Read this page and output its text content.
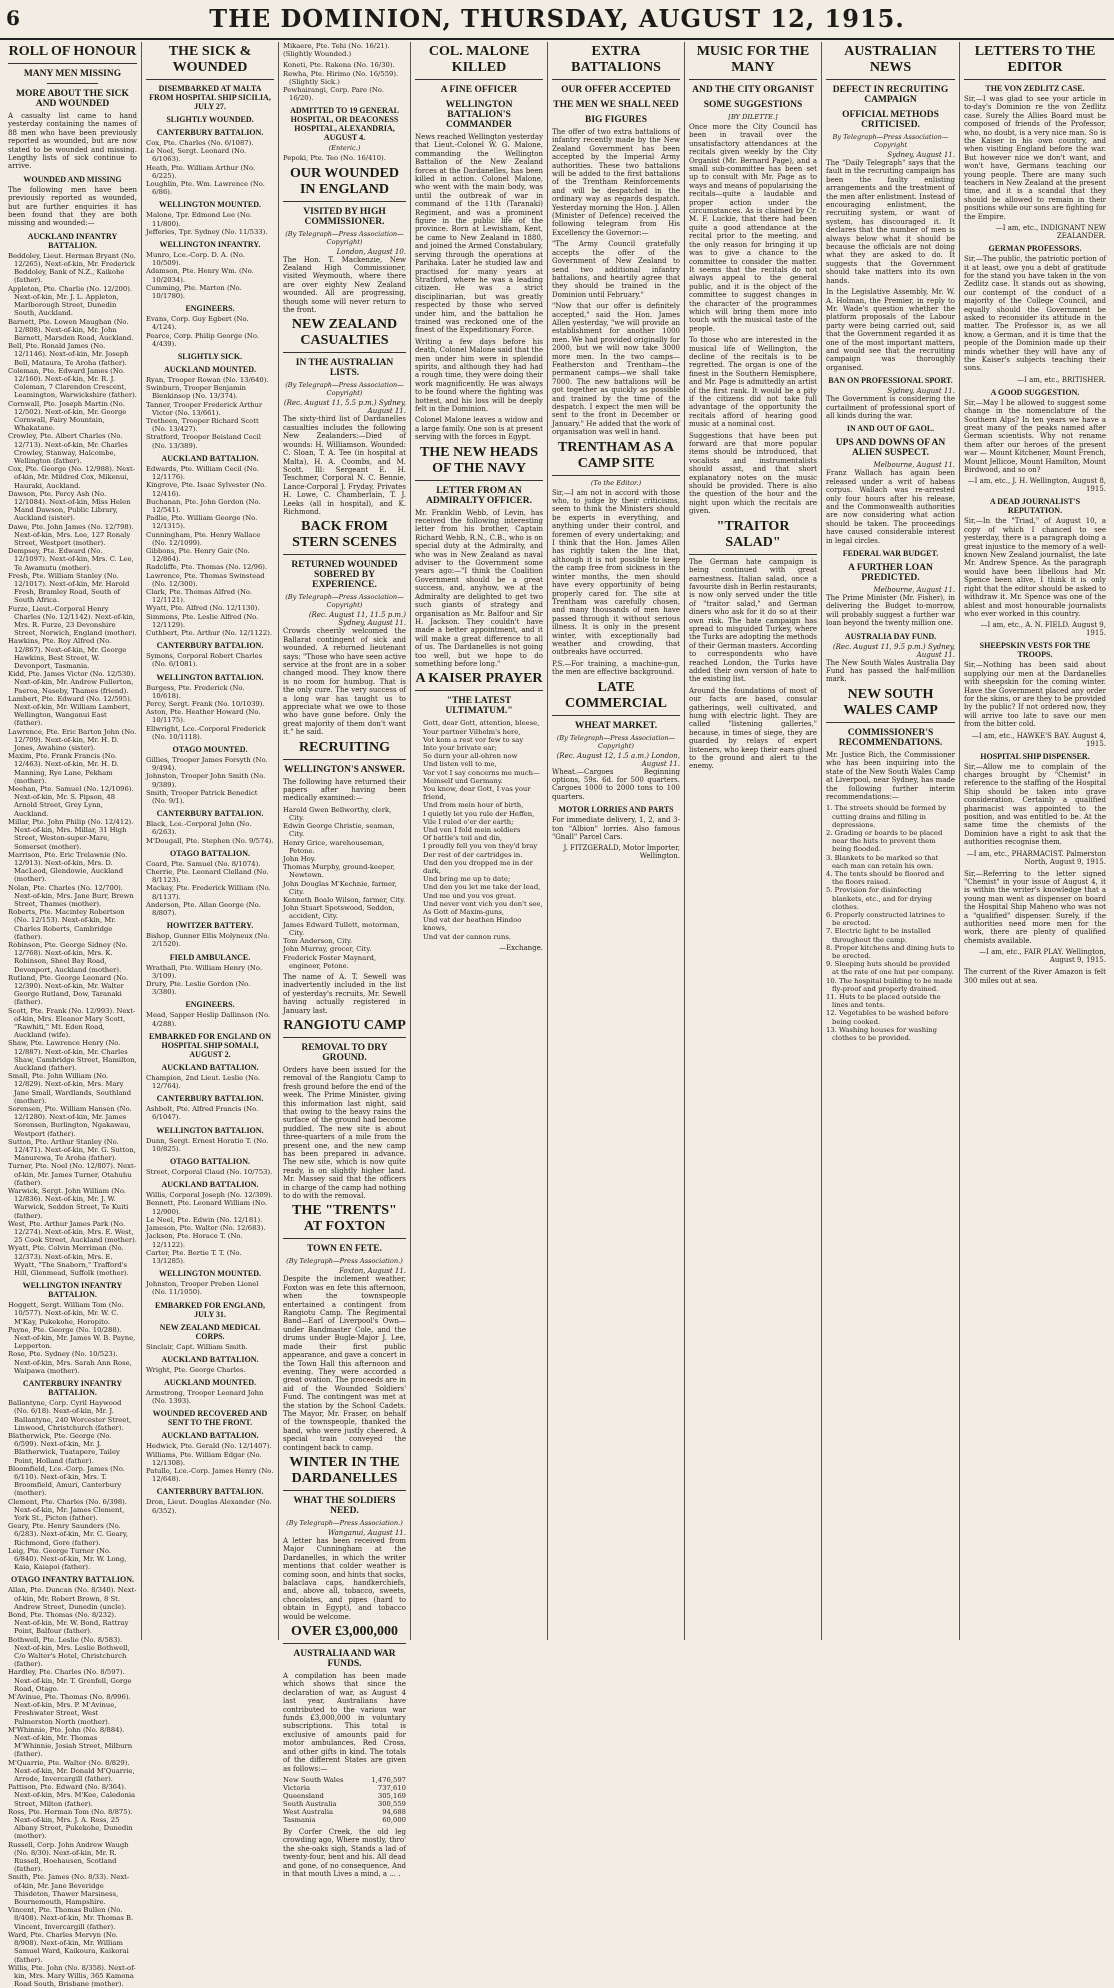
6	THE DOMINION, THURSDAY, AUGUST 12, 1915.
ROLL OF HONOUR
MANY MEN MISSING
MORE ABOUT THE SICK AND WOUNDED
A casualty list came to hand yesterday containing the names of 88 men who have been previously reported as wounded, but are now stated to be wounded and missing. Lengthy lists of sick continue to arrive.
WOUNDED AND MISSING
The following men have been previously reported as wounded, but are further enquiries it has been found that they are both missing and wounded:—
AUCKLAND INFANTRY BATTALION.
Beddoley, Lieut. Herman Bryant (No. 12/265), Next-of-kin, Mr. Frederick Beddoley, Bank of N.Z., Kaikohe (father).
Appleton, Pte. Charlie (No. 12/200). Next-of-kin, Mr. J. L. Appleton, Marlborough Street, Dunedin South, Auckland.
Barnett, Pte. Lowen Maughan (No. 12/808). Next-of-kin, Mr. John Barnett, Marsden Road, Auckland.
Bell, Pte. Ronald James (No. 12/1146). Next-of-kin, Mr. Joseph Bell, Mataura, Te Aroha (father).
Coleman, Pte. Edward James (No. 12/160). Next-of-kin, Mr. R. J. Coleman, 7 Clarendon Crescent, Leamington, Warwickshire (father).
Cornwall, Pte. Joseph Martin (No. 12/502). Next-of-kin, Mr. George Cornwall, Fairy Mountain, Whakatane.
Crowley, Pte. Albert Charles (No. 12/713). Next-of-kin, Mr. Charles Crowley, Stanway, Halcombe, Wellington (father).
Cox, Pte. George (No. 12/988). Next-of-kin, Mr. Mildred Cox, Mikenui, Hauraki, Auckland.
Dawson, Pte. Percy Ash (No. 12/1084). Next-of-kin, Miss Helen Mand Dawson, Public Library, Auckland (sister).
Dawe, Pte. John James (No. 12/798). Next-of-kin, Mrs. Lee, 127 Ronaly Street, Westport (mother).
Dempsey, Pte. Edward (No. 12/1097). Next-of-kin, Mrs. C. Lee, Te Awamutu (mother).
Fresh, Pte. William Stanley (No. 12/1017). Next-of-kin, Mr. Harold Fresh, Bramley Road, South of South Africa.
Furze, Lieut.-Corporal Henry Charles (No. 12/1142). Next-of-kin, Mrs. R. Furze, 23 Devonshire Street, Norwich, England (mother).
Hawkins, Pte. Roy Alfred (No. 12/867). Next-of-kin, Mr. George Hawkins, Best Street, W. Devonport, Tasmania.
Kidd, Pte. James Victor (No. 12/530). Next-of-kin, Mr. Andrew Fullerton, Paeroa, Naseby, Thames (friend).
Lambert, Pte. Edward (No. 12/595). Next-of-kin, Mr. William Lambert, Wellington, Wanganui East (father).
Lawrence, Pte. Eric Barton John (No. 12/709). Next-of-kin, Mr. H. D. Jones, Awahino (sister).
Maxim, Pte. Frank Francis (No. 12/463). Next-of-kin, Mr. H. D. Manning, Rye Lane, Pekham (mother).
Meehan, Pte. Samuel (No. 12/1096). Next-of-kin, Mr. S. Pipson, 48 Arnold Street, Grey Lynn, Auckland.
Millar, Pte. John Philip (No. 12/412). Next-of-kin, Mrs. Millar, 31 High Street, Weston-super-Mare, Somerset (mother).
Marrison, Pte. Eric Trelawnie (No. 12/913). Next-of-kin, Mrs. D. MacLeod, Glendowie, Auckland (mother).
Nolan, Pte. Charles (No. 12/700). Next-of-kin, Mrs. Jane Burr, Brewn Street, Thames (mother).
Roberts, Pte. Macintey Robertson (No. 12/153). Next-of-kin, Mr. Charles Roberts, Cambridge (father).
Robinson, Pte. George Sidney (No. 12/768). Next-of-kin, Mrs. K. Robinson, Sheel Bay Road, Devonport, Auckland (mother).
Rutland, Pte. George Leonard (No. 12/390). Next-of-kin, Mr. Walter George Rutland, Dow, Taranaki (father).
Scott, Pte. Frank (No. 12/993). Next-of-kin, Mrs. Eleanor Mary Scott, "Rawhiti," Mt. Eden Road, Auckland (wife).
Shaw, Pte. Lawrence Henry (No. 12/887). Next-of-kin, Mr. Charles Shaw, Cambridge Street, Hamilton, Auckland (father).
Small, Pte. John William (No. 12/829). Next-of-kin, Mrs. Mary Jane Small, Wardlands, Southland (mother).
Sorensen, Pte. William Hansen (No. 12/1280). Next-of-kin, Mr. James Sorensen, Burlington, Ngakawau, Westport (father).
Sutton, Pte. Arthur Stanley (No. 12/471). Next-of-kin, Mr. G. Sutton, Manurewa, Te Aroha (father).
Turner, Pte. Noel (No. 12/807). Next-of-kin, Mr. James Turner, Otahuhu (father).
Warwick, Sergt. John William (No. 12/836). Next-of-kin, Mr. J. W. Warwick, Seddon Street, Te Kuiti (father).
West, Pte. Arthur James Park (No. 12/274). Next-of-kin, Mrs. E. West, 25 Cook Street, Auckland (mother).
Wyatt, Pte. Colvin Merriman (No. 12/373). Next-of-kin, Mrs. E. Wyatt, "The Snaborn," Trafford's Hill, Glenmead, Suffolk (mother).
WELLINGTON INFANTRY BATTALION.
Hoggett, Sergt. William Tom (No. 10/577). Next-of-kin, Mr. W. C. M'Kay, Pukekohe, Horopito.
Payne, Pte. George (No. 10/288). Next-of-kin, Mr. James W. B. Payne, Lepperton.
Rose, Pte. Sydney (No. 10/523). Next-of-kin, Mrs. Sarah Ann Rose, Waipawa (mother).
CANTERBURY INFANTRY BATTALION.
Ballantyne, Corp. Cyril Haywood (No. 6/18). Next-of-kin, Mr. J. Ballantyne, 240 Worcester Street, Linwood, Christchurch (father).
Blatherwick, Pte. George (No. 6/599). Next-of-kin, Mr. J. Blatherwick, Tuatapere, Tailey Point, Holland (father).
Bloomfield, Lce.-Corp. James (No. 6/110). Next-of-kin, Mrs. T. Broomfield, Amuri, Canterbury (mother).
Clement, Pte. Charles (No. 6/398). Next-of-kin, Mr. James Clement, York St., Picton (father).
Geary, Pte. Henry Saunders (No. 6/283). Next-of-kin, Mr. C. Geary, Richmond, Gore (father).
Leig, Pte. George Turner (No. 6/840). Next-of-kin, Mr. W. Long, Kaia, Kaiapoi (father).
OTAGO INFANTRY BATTALION.
Allan, Pte. Duncan (No. 8/340). Next-of-kin, Mr. Robert Brown, 8 St. Andrew Street, Dunedin (uncle).
Bond, Pte. Thomas (No. 8/232). Next-of-kin, Mr. W. Bond, Rattray Point, Balfour (father).
Bothwell, Pte. Leslie (No. 8/583). Next-of-kin, Mrs. Leslie Bothwell, C/o Walter's Hotel, Christchurch (father).
Hardley, Pte. Charles (No. 8/597). Next-of-kin, Mr. T. Grenfell, Gorge Road, Otago.
M'Avinue, Pte. Thomas (No. 8/996). Next-of-kin, Mrs. P. M'Avinue, Freshwater Street, West Palmerston North (mother).
M'Whinnie, Pte. John (No. 8/884). Next-of-kin, Mr. Thomas M'Whinnie, Josiah Street, Milburn (father).
M'Quarrie, Pte. Walter (No. 8/829). Next-of-kin, Mr. Donald M'Quarrie, Arrode, Invercargill (father).
Pattison, Pte. Edward (No. 8/364). Next-of-kin, Mrs. M'Kee, Caledonia Street, Milton (father).
Ross, Pte. Herman Tom (No. 8/875). Next-of-kin, Mrs. J. A. Ross, 25 Albany Street, Pukekohe, Dunedin (mother).
Russell, Corp. John Andrew Waugh (No. 8/30). Next-of-kin, Mr. R. Russell, Hoehausen, Scotland (father).
Smith, Pte. James (No. 8/33). Next-of-kin, Mr. Jane Beveridge Thisdeton, Thawer Marsiness, Bournemouth, Hampshire.
Vincent, Pte. Thomas Bullen (No. 8/408). Next-of-kin, Mr. Thomas B. Vincent, Invercargill (father).
Ward, Pte. Charles Mervyn (No. 8/908). Next-of-kin, Mr. William Samuel Ward, Kaikoura, Kaikorai (father).
Willis, Pte. John (No. 8/358). Next-of-kin, Mrs. Mary Willis, 365 Kamona Road South, Brisbane (mother).
THE SICK & WOUNDED
DISEMBARKED AT MALTA FROM HOSPITAL SHIP SICILIA, JULY 27.
SLIGHTLY WOUNDED.
CANTERBURY BATTALION.
Cox, Pte. Charles (No. 6/1087).
Le Noel, Sergt. Leonard (No. 6/1063).
Heath, Pte. William Arthur (No. 6/225).
Loughlin, Pte. Wm. Lawrence (No. 6/86).
WELLINGTON MOUNTED.
Malone, Tpr. Edmond Lee (No. 11/800).
Jefferies, Tpr. Sydney (No. 11/533).
WELLINGTON INFANTRY.
Munro, Lce.-Corp. D. A. (No. 10/509).
Adamson, Pte. Henry Wm. (No. 10/2034).
Cumming, Pte. Marton (No. 10/1780).
ENGINEERS.
Evans, Corp. Guy Egbert (No. 4/124).
Pearce, Corp. Philip George (No. 4/439).
SLIGHTLY SICK.
AUCKLAND MOUNTED.
Ryan, Trooper Rowan (No. 13/640).
Swinburn, Trooper Benjamin Blenkinsop (No. 13/374).
Tanner, Trooper Frederick Arthur Victor (No. 13/661).
Tretheen, Trooper Richard Scott (No. 13/427).
Stratford, Trooper Beisland Cecil (No. 13/389).
AUCKLAND BATTALION.
Edwards, Pte. William Cecil (No. 12/1176).
Kingrove, Pte. Isaac Sylvester (No. 12/416).
Buchanan, Pte. John Gordon (No. 12/541).
Padlie, Pte. William George (No. 12/1315).
Cunningham, Pte. Henry Wallace (No. 12/1099).
Gibbons, Pte. Henry Gair (No. 12/864).
Radcliffe, Pte. Thomas (No. 12/96).
Lawrence, Pte. Thomas Swinstead (No. 12/300).
Clark, Pte. Thomas Alfred (No. 12/1121).
Wyatt, Pte. Alfred (No. 12/1130).
Simmons, Pte. Leslie Alfred (No. 12/1129).
Cuthbert, Pte. Arthur (No. 12/1122).
CANTERBURY BATTALION.
Symons, Corporal Robert Charles (No. 6/1081).
WELLINGTON BATTALION.
Burgess, Pte. Frederick (No. 10/618).
Percy, Sergt. Frank (No. 10/1039).
Aston, Pte. Heather Howard (No. 10/1175).
Ellwright, Lce.-Corporal Frederick (No. 10/1118).
OTAGO MOUNTED.
Gillies, Trooper James Forsyth (No. 9/494).
Johnston, Trooper John Smith (No. 9/389).
Smith, Trooper Patrick Benedict (No. 9/1).
CANTERBURY BATTALION.
Black, Lce.-Corporal John (No. 6/263).
M'Dougall, Pte. Stephen (No. 9/574).
OTAGO BATTALION.
Coard, Pte. Samuel (No. 8/1074).
Cherrie, Pte. Leonard Clelland (No. 8/1123).
Mackay, Pte. Frederick William (No. 8/1137).
Anderson, Pte. Allan George (No. 8/807).
HOWITZER BATTERY.
Bishop, Gunner Ellis Molyneux (No. 2/1520).
FIELD AMBULANCE.
Wrathall, Pte. William Henry (No. 3/109).
Drury, Pte. Leslie Gordon (No. 3/380).
ENGINEERS.
Mead, Sapper Heslip Dallinson (No. 4/288).
EMBARKED FOR ENGLAND ON HOSPITAL SHIP SOMALI, AUGUST 2.
AUCKLAND BATTALION.
Champion, 2nd Lieut. Leslie (No. 12/764).
CANTERBURY BATTALION.
Ashbolt, Pte. Alfred Francis (No. 6/1047).
WELLINGTON BATTALION.
Dunn, Sergt. Ernest Horatio T. (No. 10/825).
OTAGO BATTALION.
Street, Corporal Claud (No. 10/753).
AUCKLAND BATTALION.
Willis, Corporal Joseph (No. 12/309).
Bennett, Pte. Leonard William (No. 12/900).
Le Neel, Pte. Edwin (No. 12/181).
Jameson, Pte. Walter (No. 12/683).
Jackson, Pte. Horace T. (No. 12/1122).
Carter, Pte. Bertie T. T. (No. 13/1285).
WELLINGTON MOUNTED.
Johnston, Trooper Preben Lionel (No. 11/1050).
EMBARKED FOR ENGLAND, JULY 31.
NEW ZEALAND MEDICAL CORPS.
Sinclair, Capt. William Smith.
AUCKLAND BATTALION.
Wright, Pte. George Charles.
AUCKLAND MOUNTED.
Armstrong, Trooper Leonard John (No. 1393).
WOUNDED RECOVERED AND SENT TO THE FRONT.
AUCKLAND BATTALION.
Hedwick, Pte. Gerald (No. 12/1407).
Williams, Pte. William Edgar (No. 12/1308).
Patullo, Lce.-Corp. James Henry (No. 12/648).
CANTERBURY BATTALION.
Dron, Lieut. Douglas Alexander (No. 6/352).
Mikaere, Pte. Tehi (No. 16/21). (Slightly Wounded.)
Koneti, Pte. Rakena (No. 16/30).
Rewha, Pte. Hirimo (No. 16/559). (Slightly Sick.)
Pewhairangi, Corp. Pare (No. 16/20).
ADMITTED TO 19 GENERAL HOSPITAL, OR DEACONESS HOSPITAL, ALEXANDRIA, AUGUST 4.
(Enteric.)
Pepoki, Pte. Teo (No. 16/410).
OUR WOUNDED IN ENGLAND
VISITED BY HIGH COMMISSIONER.
(By Telegraph—Press Association—Copyright)
London, August 10.
The Hon. T. Mackenzie, New Zealand High Commissioner, visited Weymouth, where there are over eighty New Zealand wounded. All are progressing, though some will never return to the front.
NEW ZEALAND CASUALTIES
IN THE AUSTRALIAN LISTS.
(By Telegraph—Press Association—Copyright)
(Rec. August 11, 5.5 p.m.) Sydney, August 11.
The sixty-third list of Dardanelles casualties includes the following New Zealanders:—Died of wounds: H. Williamson. Wounded: C. Sloan, T. A. Tee (in hospital at Malta), H. A. Coombs, and M. Scott. Ill: Sergeant E. H. Teschmer, Corporal N. C. Bennie, Lance-Corporal J. Fryday, Privates H. Lowe, C. Chamberlain, T. J. Leeks (all in hospital), and K. Richmond.
BACK FROM STERN SCENES
RETURNED WOUNDED SOBERED BY EXPERIENCE.
(By Telegraph—Press Association—Copyright)
(Rec. August 11, 11.5 p.m.) Sydney, August 11.
Crowds cheerily welcomed the Ballarat contingent of sick and wounded. A returned lieutenant says: "Those who have seen active service at the front are in a sober changed mood. They know there is no room for humbug. That is the only cure. The very success of a long war has taught us to appreciate what we owe to those who have gone before. Only the great majority of them don't want it." he said.
RECRUITING
WELLINGTON'S ANSWER.
The following have returned their papers after having been medically examined:—
Harold Gwen Bellworthy, clerk, City.
Edwin George Christie, seaman, City.
Henry Grice, warehouseman, Petone.
John Hoy.
Thomas Murphy, ground-keeper, Newtown.
John Douglas M'Kechnie, farmer, City.
Kenneth Boalo Wilson, farmer, City.
John Stuart Spotswood, Seddon, accident, City.
James Edward Tullett, motorman, City.
Tom Anderson, City.
John Murray, grocer, City.
Frederick Foster Maynard, engineer, Petone.
The name of A. T. Sewell was inadvertently included in the list of yesterday's recruits, Mr. Sewell having actually registered in January last.
RANGIOTU CAMP
REMOVAL TO DRY GROUND.
Orders have been issued for the removal of the Rangiotu Camp to fresh ground before the end of the week. The Prime Minister, giving this information last night, said that owing to the heavy rains the surface of the ground had become puddled. The new site is about three-quarters of a mile from the present one, and the new camp has been prepared in advance. The new site, which is now quite ready, is on slightly higher land. Mr. Massey said that the officers in charge of the camp had nothing to do with the removal.
THE "TRENTS" AT FOXTON
TOWN EN FETE.
(By Telegraph—Press Association.)
Foxton, August 11.
Despite the inclement weather, Foxton was en fete this afternoon, when the townspeople entertained a contingent from Rangiotu Camp. The Regimental Band—Earl of Liverpool's Own—under Bandmaster Cole, and the drums under Bugle-Major J. Lee, made their first public appearance, and gave a concert in the Town Hall this afternoon and evening. They were accorded a great ovation. The proceeds are in aid of the Wounded Soldiers' Fund. The contingent was met at the station by the School Cadets. The Mayor, Mr. Fraser, on behalf of the townspeople, thanked the band, who were justly cheered. A special train conveyed the contingent back to camp.
WINTER IN THE DARDANELLES
WHAT THE SOLDIERS NEED.
(By Telegraph—Press Association.)
Wanganui, August 11.
A letter has been received from Major Cunningham at the Dardanelles, in which the writer mentions that colder weather is coming soon, and hints that socks, balaclava caps, handkerchiefs, and, above all, tobacco, sweets, chocolates, and pipes (hard to obtain in Egypt), and tobacco would be welcome.
OVER £3,000,000
AUSTRALIA AND WAR FUNDS.
A compilation has been made which shows that since the declaration of war, as August 4 last year, Australians have contributed to the various war funds £3,000,000 in voluntary subscriptions. This total is exclusive of amounts paid for motor ambulances, Red Cross, and other gifts in kind. The totals of the different States are given as follows:—
New South Wales	1,476,597
Victoria	737,610
Queensland	305,169
South Australia	300,559
West Australia	94,688
Tasmania	60,000
By Corfer Creek, the old leg crowding ago, Where mostly, thro' the she-oaks sigh, Stands a lad of twenty-four, bent and his. All dead and gone, of no consequence, And in that mouth Lives a mind, a ... .
COL. MALONE KILLED
A FINE OFFICER
WELLINGTON BATTALION'S COMMANDER
News reached Wellington yesterday that Lieut.-Colonel W. G. Malone, commanding the Wellington Battalion of the New Zealand forces at the Dardanelles, has been killed in action. Colonel Malone, who went with the main body, was until the outbreak of war in command of the 11th (Taranaki) Regiment, and was a prominent figure in the public life of the province. Born at Lewisham, Kent, he came to New Zealand in 1880, and joined the Armed Constabulary, serving through the operations at Parihaka. Later he studied law and practised for many years at Stratford, where he was a leading citizen. He was a strict disciplinarian, but was greatly respected by those who served under him, and the battalion he trained was reckoned one of the finest of the Expeditionary Force.
Writing a few days before his death, Colonel Malone said that the men under him were in splendid spirits, and although they had had a rough time, they were doing their work magnificently. He was always to be found where the fighting was hottest, and his loss will be deeply felt in the Dominion.
Colonel Malone leaves a widow and a large family. One son is at present serving with the forces in Egypt.
THE NEW HEADS OF THE NAVY
LETTER FROM AN ADMIRALTY OFFICER.
Mr. Franklin Webb, of Levin, has received the following interesting letter from his brother, Captain Richard Webb, R.N., C.B., who is on special duty at the Admiralty, and who was in New Zealand as naval adviser to the Government some years ago:—"I think the Coalition Government should be a great success, and, anyhow, we at the Admiralty are delighted to get two such giants of strategy and organisation as Mr. Balfour and Sir H. Jackson. They couldn't have made a better appointment, and it will make a great difference to all of us. The Dardanelles is not going too well, but we hope to do something before long."
A KAISER PRAYER
"THE LATEST ULTIMATUM."
Gott, dear Gott, attention, bleese,
Your partner Vilhelm's here,
Vot kom a rest vor few to say
Into your brivate ear;
So durn your all-ohren now
Und listen vell to me,
Vor vot I say concerns me much—
Meinself und Germany.
You know, dear Gott, I vas your friend,
Und from mein hour of birth,
I quietly let you rule der Heffen,
Vile I ruled o'er der earth;
Und ven I fold mein soldiers
Of battle's toil and din,
I proudly fell you von they'd bray
Der rest of der cartridges in.
Und den you dropped me in der dark,
Und bring me up to date;
Und den you let me take der lead,
Und me und you vos great.
Und never vont vich you don't see,
As Gott of Maxim-guns,
Und vat der heathen Hindoo knows,
Und vat der cannon runs.
—Exchange.
EXTRA BATTALIONS
OUR OFFER ACCEPTED
THE MEN WE SHALL NEED
BIG FIGURES
The offer of two extra battalions of infantry recently made by the New Zealand Government has been accepted by the Imperial Army authorities. These two battalions will be added to the first battalions of the Trentham Reinforcements and will be despatched in the ordinary way as regards despatch. Yesterday morning the Hon. J. Allen (Minister of Defence) received the following telegram from His Excellency the Governor:—
"The Army Council gratefully accepts the offer of the Government of New Zealand to send two additional infantry battalions, and heartily agree that they should be trained in the Dominion until February."
"Now that our offer is definitely accepted," said the Hon. James Allen yesterday, "we will provide an establishment for another 1000 men. We had provided originally for 2000, but we will now take 3000 more men. In the two camps—Featherston and Trentham—the permanent camps—we shall take 7000. The new battalions will be got together as quickly as possible and trained by the time of the despatch. I expect the men will be sent to the front in December or January." He added that the work of organisation was well in hand.
TRENTHAM AS A CAMP SITE
(To the Editor.)
Sir,—I am not in accord with those who, to judge by their criticisms, seem to think the Ministers should be experts in everything, and anything under their control, and foremen of every undertaking; and I think that the Hon. James Allen has rightly taken the line that, although it is not possible to keep the camp free from sickness in the winter months, the men should have every opportunity of being properly cared for. The site at Trentham was carefully chosen, and many thousands of men have passed through it without serious illness. It is only in the present winter, with exceptionally bad weather and crowding, that outbreaks have occurred.
P.S.—For training, a machine-gun, the men are effective background.
LATE COMMERCIAL
WHEAT MARKET.
(By Telegraph—Press Association—Copyright)
(Rec. August 12, 1.5 a.m.) London, August 11.
Wheat.—Cargoes Beginning options, 59s. 6d. for 500 quarters. Cargoes 1000 to 2000 tons to 100 quarters.
MOTOR LORRIES AND PARTS
For immediate delivery, 1, 2, and 3-ton "Albion" lorries. Also famous "Gnall" Parcel Cars.
J. FITZGERALD, Motor Importer, Wellington.
MUSIC FOR THE MANY
AND THE CITY ORGANIST
SOME SUGGESTIONS
[BY DILETTE.]
Once more the City Council has been in travail over the unsatisfactory attendances at the recitals given weekly by the City Organist (Mr. Bernard Page), and a small sub-committee has been set up to consult with Mr. Page as to ways and means of popularising the recitals—quite a laudable and proper action under the circumstances. As is claimed by Cr. M. F. Luckie, that there had been quite a good attendance at the recital prior to the meeting, and the only reason for bringing it up was to give a chance to the committee to consider the matter. It seems that the recitals do not always appeal to the general public, and it is the object of the committee to suggest changes in the character of the programmes which will bring them more into touch with the musical taste of the people.
To those who are interested in the musical life of Wellington, the decline of the recitals is to be regretted. The organ is one of the finest in the Southern Hemisphere, and Mr. Page is admittedly an artist of the first rank. It would be a pity if the citizens did not take full advantage of the opportunity the recitals afford of hearing good music at a nominal cost.
Suggestions that have been put forward are that more popular items should be introduced, that vocalists and instrumentalists should assist, and that short explanatory notes on the music should be provided. There is also the question of the hour and the night upon which the recitals are given.
"TRAITOR SALAD"
The German hate campaign is being continued with great earnestness. Italian salad, once a favourite dish in Berlin restaurants, is now only served under the title of "traitor salad," and German diners who ask for it do so at their own risk. The hate campaign has spread to misguided Turkey, where the Turks are adopting the methods of their German masters. According to correspondents who have reached London, the Turks have added their own version of hate to the existing list.
Around the foundations of most of our facts are based, consular gatherings, well cultivated, and hung with electric light. They are called "listening galleries," because, in times of siege, they are guarded by relays of expert listeners, who keep their ears glued to the ground and alert to the enemy.
AUSTRALIAN NEWS
DEFECT IN RECRUITING CAMPAIGN
OFFICIAL METHODS CRITICISED.
By Telegraph—Press Association—Copyright
Sydney, August 11.
The "Daily Telegraph" says that the fault in the recruiting campaign has been the faulty enlisting arrangements and the treatment of the men after enlistment. Instead of encouraging enlistment, the recruiting system, or want of system, has discouraged it. It declares that the number of men is always below what it should be because the officials are not doing what they are asked to do. It suggests that the Government should take matters into its own hands.
In the Legislative Assembly, Mr. W. A. Holman, the Premier, in reply to Mr. Wade's question whether the platform proposals of the Labour party were being carried out, said that the Government regarded it as one of the most important matters, and would see that the recruiting campaign was thoroughly organised.
BAN ON PROFESSIONAL SPORT.
Sydney, August 11.
The Government is considering the curtailment of professional sport of all kinds during the war.
IN AND OUT OF GAOL.
UPS AND DOWNS OF AN ALIEN SUSPECT.
Melbourne, August 11.
Franz Wallach has again been released under a writ of habeas corpus. Wallach was re-arrested only four hours after his release, and the Commonwealth authorities are now considering what action should be taken. The proceedings have caused considerable interest in legal circles.
FEDERAL WAR BUDGET.
A FURTHER LOAN PREDICTED.
Melbourne, August 11.
The Prime Minister (Mr. Fisher), in delivering the Budget to-morrow, will probably suggest a further war loan beyond the twenty million one.
AUSTRALIA DAY FUND.
(Rec. August 11, 9.5 p.m.) Sydney, August 11.
The New South Wales Australia Day Fund has passed the half-million mark.
NEW SOUTH WALES CAMP
COMMISSIONER'S RECOMMENDATIONS.
Mr. Justice Rich, the Commissioner who has been inquiring into the state of the New South Wales Camp at Liverpool, near Sydney, has made the following further interim recommendations:—
1. The streets should be formed by cutting drains and filling in depressions.
2. Grading or boards to be placed near the huts to prevent them being flooded.
3. Blankets to be marked so that each man can retain his own.
4. The tents should be floored and the floors raised.
5. Provision for disinfecting blankets, etc., and for drying clothes.
6. Properly constructed latrines to be erected.
7. Electric light to be installed throughout the camp.
8. Proper kitchens and dining huts to be erected.
9. Sleeping huts should be provided at the rate of one hut per company.
10. The hospital building to be made fly-proof and properly drained.
11. Huts to be placed outside the lines and tents.
12. Vegetables to be washed before being cooked.
13. Washing houses for washing clothes to be provided.
LETTERS TO THE EDITOR
THE VON ZEDLITZ CASE.
Sir,—I was glad to see your article in to-day's Dominion re the von Zedlitz case. Surely the Allies Board must be composed of friends of the Professor, who, no doubt, is a very nice man. So is the Kaiser in his own country, and when visiting England before the war. But however nice we don't want, and won't have, Germans teaching our young people. There are many such teachers in New Zealand at the present time, and it is a scandal that they should be allowed to remain in their positions while our sons are fighting for the Empire.
—I am, etc., INDIGNANT NEW ZEALANDER.
GERMAN PROFESSORS.
Sir,—The public, the patriotic portion of it at least, owe you a debt of gratitude for the stand you have taken in the von Zedlitz case. It stands out as showing, our contempt of the conduct of a majority of the College Council, and equally should the Government be asked to reconsider its attitude in the matter. The Professor is, as we all know, a German, and it is time that the people of the Dominion made up their minds whether they will have any of the Kaiser's subjects teaching their sons.
—I am, etc., BRITISHER.
A GOOD SUGGESTION.
Sir,—May I be allowed to suggest some change in the nomenclature of the Southern Alps? In ten years we have a great many of the peaks named after German scientists. Why not rename them after our heroes of the present war — Mount Kitchener, Mount French, Mount Jellicoe, Mount Hamilton, Mount Birdwood, and so on?
—I am, etc., J. H. Wellington, August 8, 1915.
A DEAD JOURNALIST'S REPUTATION.
Sir,—In the "Triad," of August 10, a copy of which I chanced to see yesterday, there is a paragraph doing a great injustice to the memory of a well-known New Zealand journalist, the late Mr. Andrew Spence. As the paragraph would have been libellous had Mr. Spence been alive, I think it is only right that the editor should be asked to withdraw it. Mr. Spence was one of the ablest and most honourable journalists who ever worked in this country.
—I am, etc., A. N. FIELD. August 9, 1915.
SHEEPSKIN VESTS FOR THE TROOPS.
Sir,—Nothing has been said about supplying our men at the Dardanelles with sheepskin for the coming winter. Have the Government placed any order for the skins, or are they to be provided by the public? If not ordered now, they will arrive too late to save our men from the bitter cold.
—I am, etc., HAWKE'S BAY. August 4, 1915.
HOSPITAL SHIP DISPENSER.
Sir,—Allow me to complain of the charges brought by "Chemist" in reference to the staffing of the Hospital Ship should be taken into grave consideration. Certainly a qualified pharmacist was appointed to the position, and was entitled to be. At the same time the chemists of the Dominion have a right to ask that the authorities recognise them.
—I am, etc., PHARMACIST. Palmerston North, August 9, 1915.
Sir,—Referring to the letter signed "Chemist" in your issue of August 4, it is within the writer's knowledge that a young man went as dispenser on board the Hospital Ship Maheno who was not a "qualified" dispenser. Surely, if the authorities need more men for the work, there are plenty of qualified chemists available.
—I am, etc., FAIR PLAY. Wellington, August 9, 1915.
The current of the River Amazon is felt 300 miles out at sea.
